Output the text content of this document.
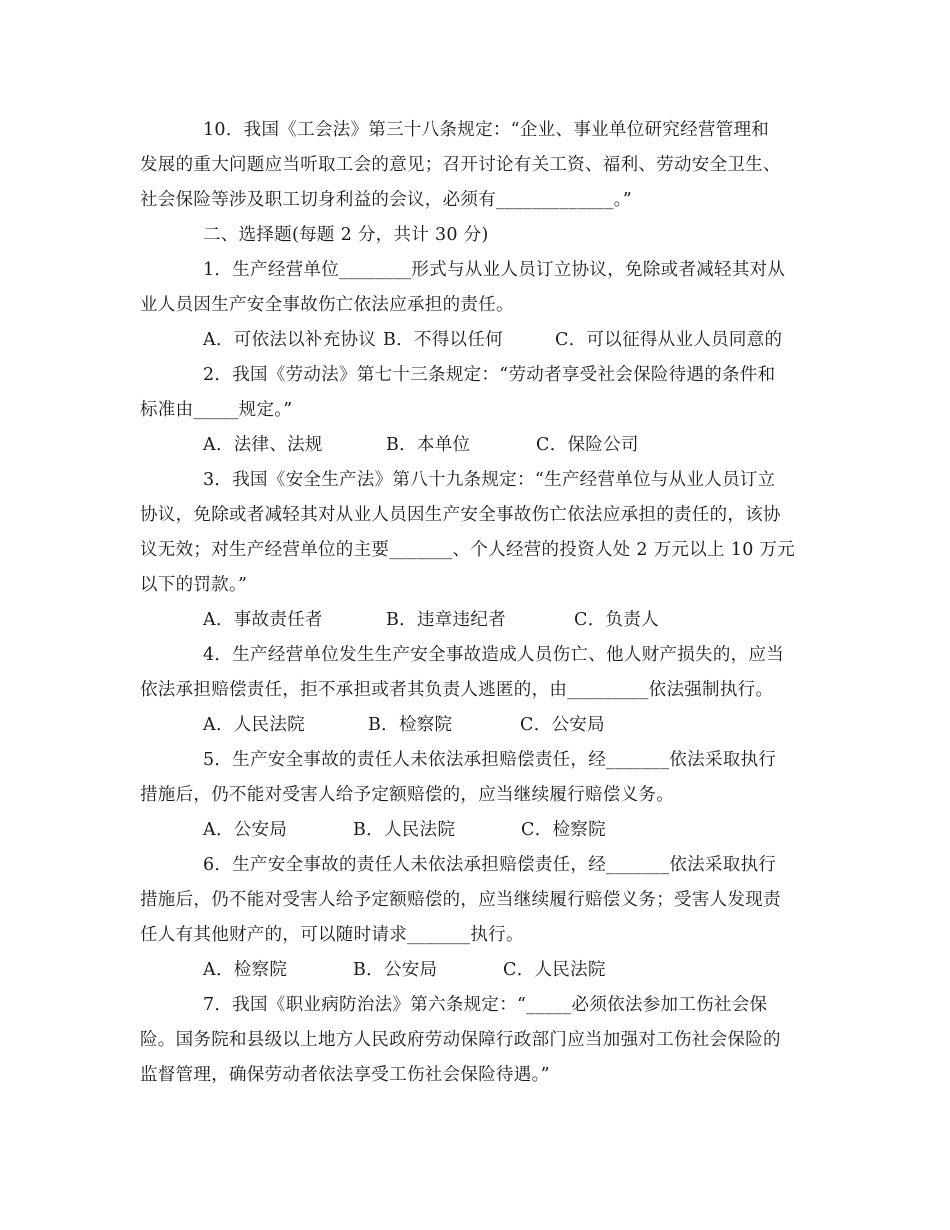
10．我国《工会法》第三十八条规定：“企业、事业单位研究经营管理和
发展的重大问题应当听取工会的意见；召开讨论有关工资、福利、劳动安全卫生、
社会保险等涉及职工切身利益的会议，必须有_____________。”
二、选择题(每题 2 分，共计 30 分)
1．生产经营单位________形式与从业人员订立协议，免除或者减轻其对从
业人员因生产安全事故伤亡依法应承担的责任。
A．可依法以补充协议 B．不得以任何	C．可以征得从业人员同意的
2．我国《劳动法》第七十三条规定：“劳动者享受社会保险待遇的条件和
标准由_____规定。”
A．法律、法规	B．本单位	C．保险公司
3．我国《安全生产法》第八十九条规定：“生产经营单位与从业人员订立
协议，免除或者减轻其对从业人员因生产安全事故伤亡依法应承担的责任的，该协
议无效；对生产经营单位的主要_______、个人经营的投资人处 2 万元以上 10 万元
以下的罚款。”
A．事故责任者	B．违章违纪者	C．负责人
4．生产经营单位发生生产安全事故造成人员伤亡、他人财产损失的，应当
依法承担赔偿责任，拒不承担或者其负责人逃匿的，由_________依法强制执行。
A．人民法院	B．检察院	C．公安局
5．生产安全事故的责任人未依法承担赔偿责任，经_______依法采取执行
措施后，仍不能对受害人给予定额赔偿的，应当继续履行赔偿义务。
A．公安局	B．人民法院	C．检察院
6．生产安全事故的责任人未依法承担赔偿责任，经_______依法采取执行
措施后，仍不能对受害人给予定额赔偿的，应当继续履行赔偿义务；受害人发现责
任人有其他财产的，可以随时请求_______执行。
A．检察院	B．公安局	C．人民法院
7．我国《职业病防治法》第六条规定：“_____必须依法参加工伤社会保
险。国务院和县级以上地方人民政府劳动保障行政部门应当加强对工伤社会保险的
监督管理，确保劳动者依法享受工伤社会保险待遇。”
